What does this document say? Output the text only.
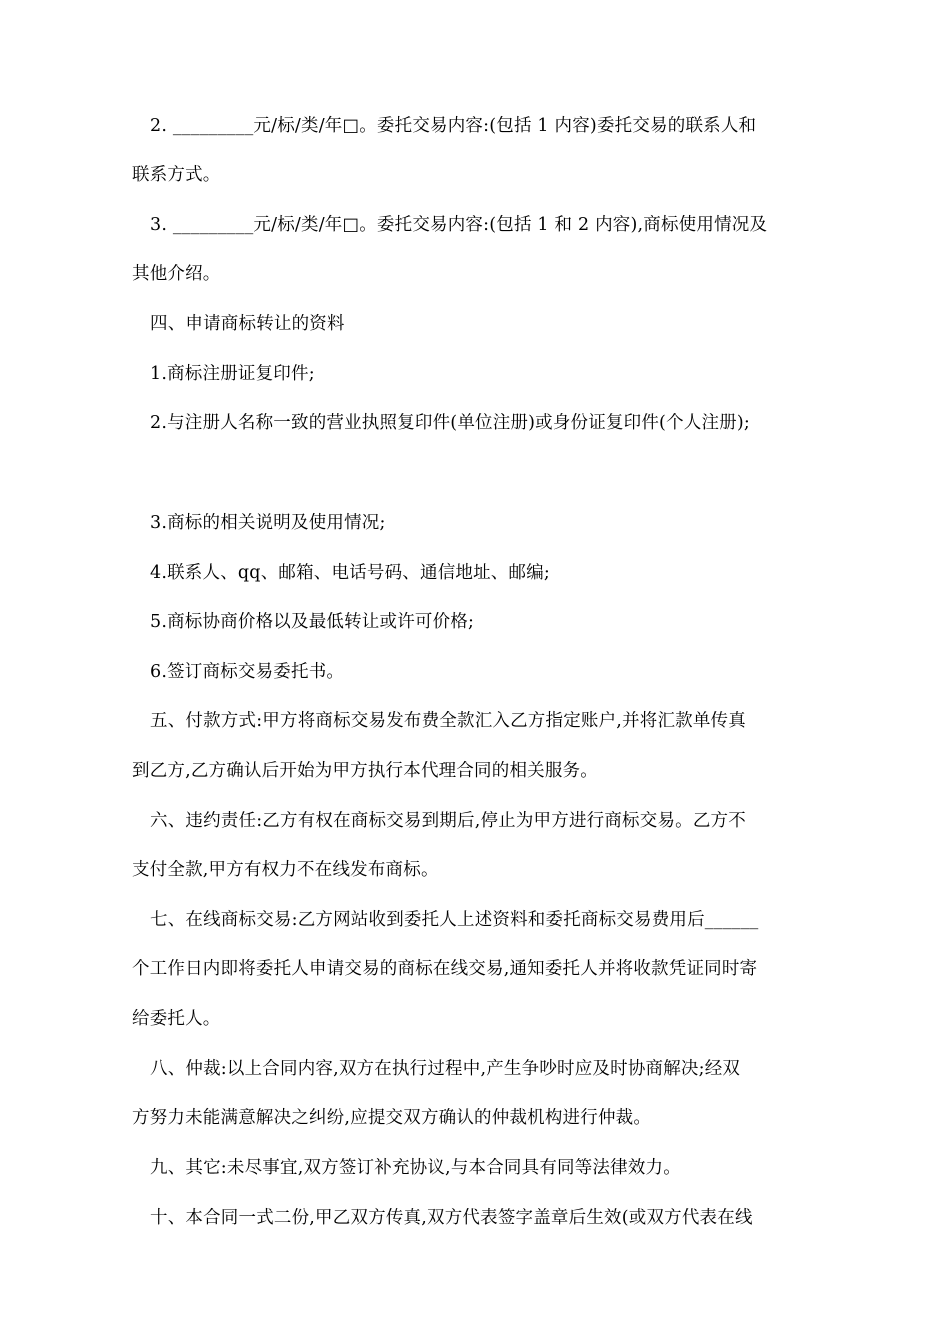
2. _________元/标/类/年□。委托交易内容:(包括 1 内容)委托交易的联系人和
联系方式。
3. _________元/标/类/年□。委托交易内容:(包括 1 和 2 内容),商标使用情况及
其他介绍。
四、申请商标转让的资料
1.商标注册证复印件;
2.与注册人名称一致的营业执照复印件(单位注册)或身份证复印件(个人注册);
3.商标的相关说明及使用情况;
4.联系人、qq、邮箱、电话号码、通信地址、邮编;
5.商标协商价格以及最低转让或许可价格;
6.签订商标交易委托书。
五、付款方式:甲方将商标交易发布费全款汇入乙方指定账户,并将汇款单传真
到乙方,乙方确认后开始为甲方执行本代理合同的相关服务。
六、违约责任:乙方有权在商标交易到期后,停止为甲方进行商标交易。乙方不
支付全款,甲方有权力不在线发布商标。
七、在线商标交易:乙方网站收到委托人上述资料和委托商标交易费用后______
个工作日内即将委托人申请交易的商标在线交易,通知委托人并将收款凭证同时寄
给委托人。
八、仲裁:以上合同内容,双方在执行过程中,产生争吵时应及时协商解决;经双
方努力未能满意解决之纠纷,应提交双方确认的仲裁机构进行仲裁。
九、其它:未尽事宜,双方签订补充协议,与本合同具有同等法律效力。
十、本合同一式二份,甲乙双方传真,双方代表签字盖章后生效(或双方代表在线
